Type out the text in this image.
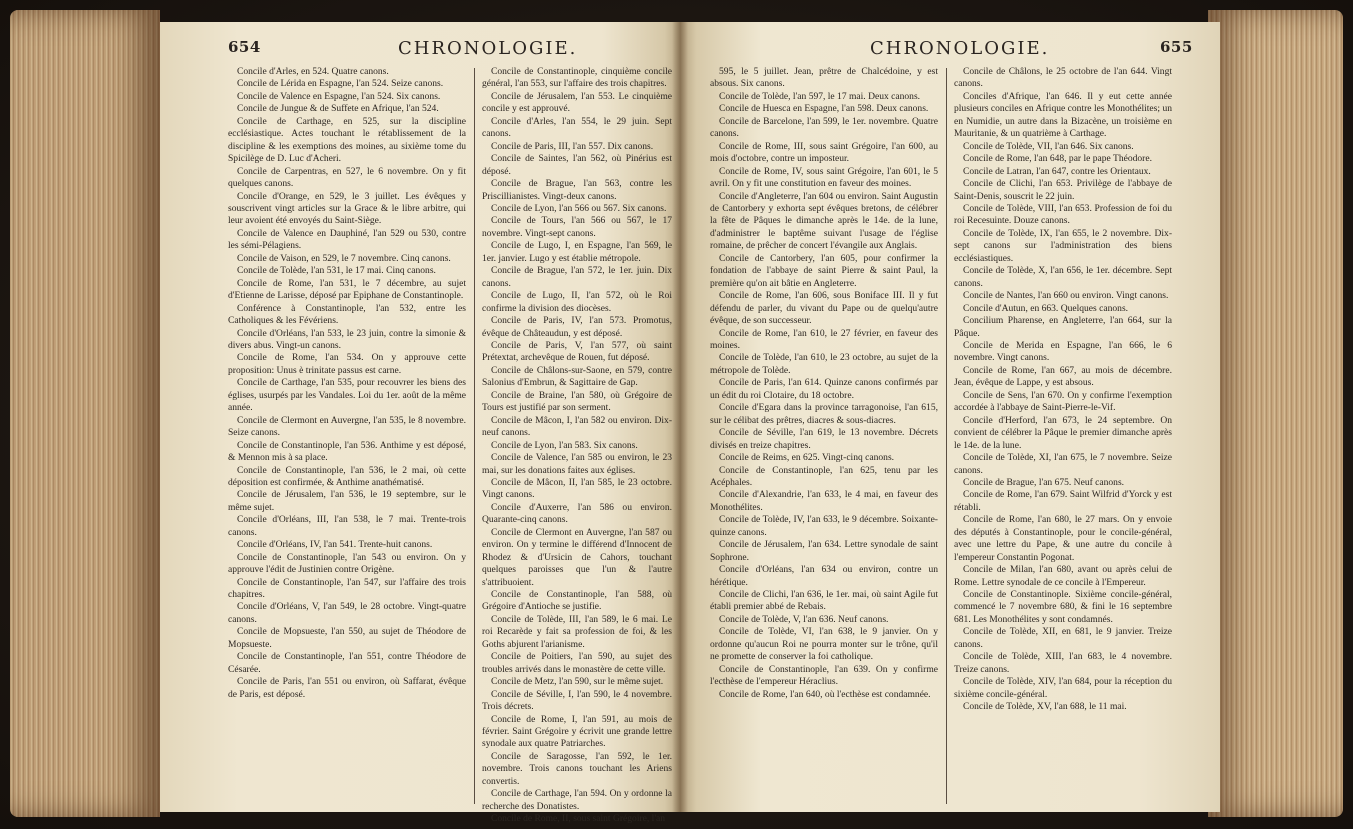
654	CHRONOLOGIE.	CHRONOLOGIE.	655

Concile d'Arles, en 524. Quatre canons.

Concile de Lérida en Espagne, l'an 524. Seize canons.

Concile de Valence en Espagne, l'an 524. Six canons.

Concile de Jungue & de Suffete en Afrique, l'an 524.

Concile de Carthage, en 525, sur la discipline ecclésiastique. Actes touchant le rétablissement de la discipline & les exemptions des moines, au sixième tome du Spicilège de D. Luc d'Acheri.

Concile de Carpentras, en 527, le 6 novembre. On y fit quelques canons.

Concile d'Orange, en 529, le 3 juillet. Les évêques y souscrivent vingt articles sur la Grace & le libre arbitre, qui leur avoient été envoyés du Saint-Siège.

Concile de Valence en Dauphiné, l'an 529 ou 530, contre les sémi-Pélagiens.

Concile de Vaison, en 529, le 7 novembre. Cinq canons.

Concile de Tolède, l'an 531, le 17 mai. Cinq canons.

Concile de Rome, l'an 531, le 7 décembre, au sujet d'Etienne de Larisse, déposé par Epiphane de Constantinople.

Conférence à Constantinople, l'an 532, entre les Catholiques & les Févériens.

Concile d'Orléans, l'an 533, le 23 juin, contre la simonie & divers abus. Vingt-un canons.

Concile de Rome, l'an 534. On y approuve cette proposition: Unus è trinitate passus est carne.

Concile de Carthage, l'an 535, pour recouvrer les biens des églises, usurpés par les Vandales. Loi du 1er. août de la même année.

Concile de Clermont en Auvergne, l'an 535, le 8 novembre. Seize canons.

Concile de Constantinople, l'an 536. Anthime y est déposé, & Mennon mis à sa place.

Concile de Constantinople, l'an 536, le 2 mai, où cette déposition est confirmée, & Anthime anathématisé.

Concile de Jérusalem, l'an 536, le 19 septembre, sur le même sujet.

Concile d'Orléans, III, l'an 538, le 7 mai. Trente-trois canons.

Concile d'Orléans, IV, l'an 541. Trente-huit canons.

Concile de Constantinople, l'an 543 ou environ. On y approuve l'édit de Justinien contre Origène.

Concile de Constantinople, l'an 547, sur l'affaire des trois chapitres.

Concile d'Orléans, V, l'an 549, le 28 octobre. Vingt-quatre canons.

Concile de Mopsueste, l'an 550, au sujet de Théodore de Mopsueste.

Concile de Constantinople, l'an 551, contre Théodore de Césarée.

Concile de Paris, l'an 551 ou environ, où Saffarat, évêque de Paris, est déposé.

Concile de Constantinople, cinquième concile général, l'an 553, sur l'affaire des trois chapitres.

Concile de Jérusalem, l'an 553. Le cinquième concile y est approuvé.

Concile d'Arles, l'an 554, le 29 juin. Sept canons.

Concile de Paris, III, l'an 557. Dix canons.

Concile de Saintes, l'an 562, où Pinérius est déposé.

Concile de Brague, l'an 563, contre les Priscillianistes. Vingt-deux canons.

Concile de Lyon, l'an 566 ou 567. Six canons.

Concile de Tours, l'an 566 ou 567, le 17 novembre. Vingt-sept canons.

Concile de Lugo, I, en Espagne, l'an 569, le 1er. janvier. Lugo y est établie métropole.

Concile de Brague, l'an 572, le 1er. juin. Dix canons.

Concile de Lugo, II, l'an 572, où le Roi confirme la division des diocèses.

Concile de Paris, IV, l'an 573. Promotus, évêque de Châteaudun, y est déposé.

Concile de Paris, V, l'an 577, où saint Prétextat, archevêque de Rouen, fut déposé.

Concile de Châlons-sur-Saone, en 579, contre Salonius d'Embrun, & Sagittaire de Gap.

Concile de Braine, l'an 580, où Grégoire de Tours est justifié par son serment.

Concile de Mâcon, I, l'an 582 ou environ. Dix-neuf canons.

Concile de Lyon, l'an 583. Six canons.

Concile de Valence, l'an 585 ou environ, le 23 mai, sur les donations faites aux églises.

Concile de Mâcon, II, l'an 585, le 23 octobre. Vingt canons.

Concile d'Auxerre, l'an 586 ou environ. Quarante-cinq canons.

Concile de Clermont en Auvergne, l'an 587 ou environ. On y termine le différend d'Innocent de Rhodez & d'Ursicin de Cahors, touchant quelques paroisses que l'un & l'autre s'attribuoient.

Concile de Constantinople, l'an 588, où Grégoire d'Antioche se justifie.

Concile de Tolède, III, l'an 589, le 6 mai. Le roi Recarède y fait sa profession de foi, & les Goths abjurent l'arianisme.

Concile de Poitiers, l'an 590, au sujet des troubles arrivés dans le monastère de cette ville.

Concile de Metz, l'an 590, sur le même sujet.

Concile de Séville, I, l'an 590, le 4 novembre. Trois décrets.

Concile de Rome, I, l'an 591, au mois de février. Saint Grégoire y écrivit une grande lettre synodale aux quatre Patriarches.

Concile de Saragosse, l'an 592, le 1er. novembre. Trois canons touchant les Ariens convertis.

Concile de Carthage, l'an 594. On y ordonne la recherche des Donatistes.

Concile de Rome, II, sous saint Grégoire, l'an

595, le 5 juillet. Jean, prêtre de Chalcédoine, y est absous. Six canons.

Concile de Tolède, l'an 597, le 17 mai. Deux canons.

Concile de Huesca en Espagne, l'an 598. Deux canons.

Concile de Barcelone, l'an 599, le 1er. novembre. Quatre canons.

Concile de Rome, III, sous saint Grégoire, l'an 600, au mois d'octobre, contre un imposteur.

Concile de Rome, IV, sous saint Grégoire, l'an 601, le 5 avril. On y fit une constitution en faveur des moines.

Concile d'Angleterre, l'an 604 ou environ. Saint Augustin de Cantorbery y exhorta sept évêques bretons, de célébrer la fête de Pâques le dimanche après le 14e. de la lune, d'administrer le baptême suivant l'usage de l'église romaine, de prêcher de concert l'évangile aux Anglais.

Concile de Cantorbery, l'an 605, pour confirmer la fondation de l'abbaye de saint Pierre & saint Paul, la première qu'on ait bâtie en Angleterre.

Concile de Rome, l'an 606, sous Boniface III. Il y fut défendu de parler, du vivant du Pape ou de quelqu'autre évêque, de son successeur.

Concile de Rome, l'an 610, le 27 février, en faveur des moines.

Concile de Tolède, l'an 610, le 23 octobre, au sujet de la métropole de Tolède.

Concile de Paris, l'an 614. Quinze canons confirmés par un édit du roi Clotaire, du 18 octobre.

Concile d'Egara dans la province tarragonoise, l'an 615, sur le célibat des prêtres, diacres & sous-diacres.

Concile de Séville, l'an 619, le 13 novembre. Décrets divisés en treize chapitres.

Concile de Reims, en 625. Vingt-cinq canons.

Concile de Constantinople, l'an 625, tenu par les Acéphales.

Concile d'Alexandrie, l'an 633, le 4 mai, en faveur des Monothélites.

Concile de Tolède, IV, l'an 633, le 9 décembre. Soixante-quinze canons.

Concile de Jérusalem, l'an 634. Lettre synodale de saint Sophrone.

Concile d'Orléans, l'an 634 ou environ, contre un hérétique.

Concile de Clichi, l'an 636, le 1er. mai, où saint Agile fut établi premier abbé de Rebais.

Concile de Tolède, V, l'an 636. Neuf canons.

Concile de Tolède, VI, l'an 638, le 9 janvier. On y ordonne qu'aucun Roi ne pourra monter sur le trône, qu'il ne promette de conserver la foi catholique.

Concile de Constantinople, l'an 639. On y confirme l'ecthèse de l'empereur Héraclius.

Concile de Rome, l'an 640, où l'ecthèse est condamnée.

Concile de Châlons, le 25 octobre de l'an 644. Vingt canons.

Conciles d'Afrique, l'an 646. Il y eut cette année plusieurs conciles en Afrique contre les Monothélites; un en Numidie, un autre dans la Bizacène, un troisième en Mauritanie, & un quatrième à Carthage.

Concile de Tolède, VII, l'an 646. Six canons.

Concile de Rome, l'an 648, par le pape Théodore.

Concile de Latran, l'an 647, contre les Orientaux.

Concile de Clichi, l'an 653. Privilège de l'abbaye de Saint-Denis, souscrit le 22 juin.

Concile de Tolède, VIII, l'an 653. Profession de foi du roi Recesuinte. Douze canons.

Concile de Tolède, IX, l'an 655, le 2 novembre. Dix-sept canons sur l'administration des biens ecclésiastiques.

Concile de Tolède, X, l'an 656, le 1er. décembre. Sept canons.

Concile de Nantes, l'an 660 ou environ. Vingt canons.

Concile d'Autun, en 663. Quelques canons.

Concilium Pharense, en Angleterre, l'an 664, sur la Pâque.

Concile de Merida en Espagne, l'an 666, le 6 novembre. Vingt canons.

Concile de Rome, l'an 667, au mois de décembre. Jean, évêque de Lappe, y est absous.

Concile de Sens, l'an 670. On y confirme l'exemption accordée à l'abbaye de Saint-Pierre-le-Vif.

Concile d'Herford, l'an 673, le 24 septembre. On convient de célébrer la Pâque le premier dimanche après le 14e. de la lune.

Concile de Tolède, XI, l'an 675, le 7 novembre. Seize canons.

Concile de Brague, l'an 675. Neuf canons.

Concile de Rome, l'an 679. Saint Wilfrid d'Yorck y est rétabli.

Concile de Rome, l'an 680, le 27 mars. On y envoie des députés à Constantinople, pour le concile-général, avec une lettre du Pape, & une autre du concile à l'empereur Constantin Pogonat.

Concile de Milan, l'an 680, avant ou après celui de Rome. Lettre synodale de ce concile à l'Empereur.

Concile de Constantinople. Sixième concile-général, commencé le 7 novembre 680, & fini le 16 septembre 681. Les Monothélites y sont condamnés.

Concile de Tolède, XII, en 681, le 9 janvier. Treize canons.

Concile de Tolède, XIII, l'an 683, le 4 novembre. Treize canons.

Concile de Tolède, XIV, l'an 684, pour la réception du sixième concile-général.

Concile de Tolède, XV, l'an 688, le 11 mai.
